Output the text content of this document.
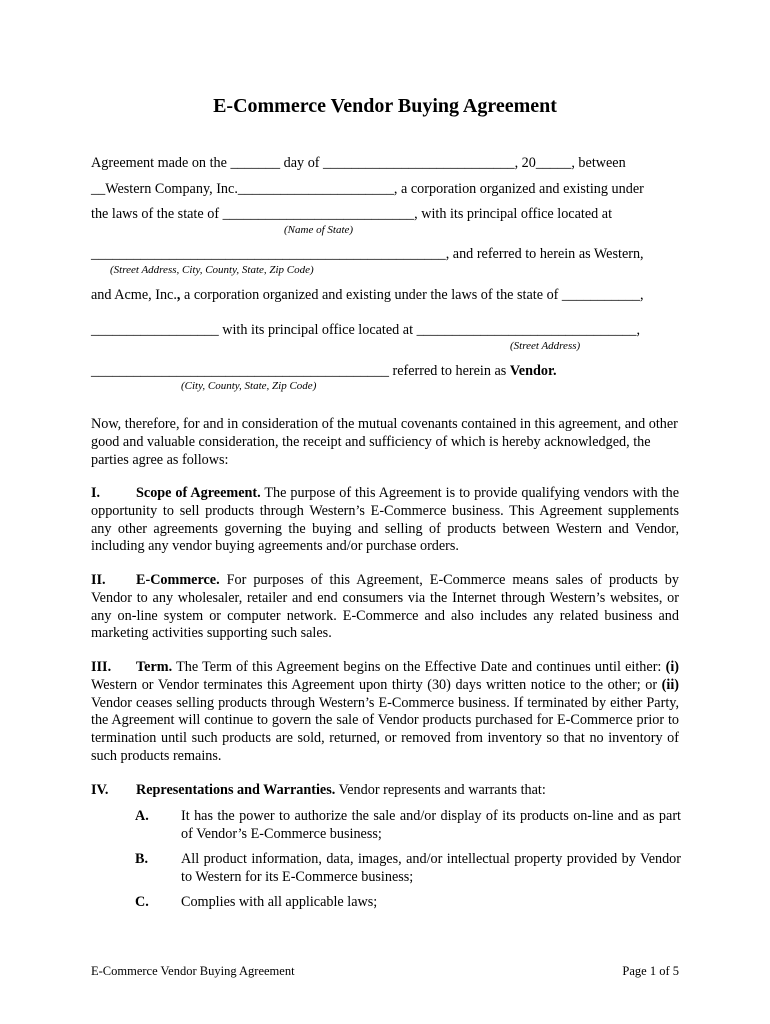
E-Commerce Vendor Buying Agreement
Agreement made on the _______ day of ___________________________, 20_____, between
__Western Company, Inc.______________________, a corporation organized and existing under
the laws of the state of ___________________________, with its principal office located at
(Name of State)
__________________________________________________, and referred to herein as Western,
(Street Address, City, County, State, Zip Code)
and Acme, Inc., a corporation organized and existing under the laws of the state of ___________,
__________________ with its principal office located at _______________________________,
(Street Address)
__________________________________________ referred to herein as Vendor.
(City, County, State, Zip Code)
Now, therefore, for and in consideration of the mutual covenants contained in this agreement, and other good and valuable consideration, the receipt and sufficiency of which is hereby acknowledged, the parties agree as follows:
I.	Scope of Agreement. The purpose of this Agreement is to provide qualifying vendors with the opportunity to sell products through Western’s E-Commerce business. This Agreement supplements any other agreements governing the buying and selling of products between Western and Vendor, including any vendor buying agreements and/or purchase orders.
II. E-Commerce. For purposes of this Agreement, E-Commerce means sales of products by Vendor to any wholesaler, retailer and end consumers via the Internet through Western’s websites, or any on-line system or computer network. E-Commerce and also includes any related business and marketing activities supporting such sales.
III. Term. The Term of this Agreement begins on the Effective Date and continues until either: (i) Western or Vendor terminates this Agreement upon thirty (30) days written notice to the other; or (ii) Vendor ceases selling products through Western’s E-Commerce business. If terminated by either Party, the Agreement will continue to govern the sale of Vendor products purchased for E-Commerce prior to termination until such products are sold, returned, or removed from inventory so that no inventory of such products remains.
IV. Representations and Warranties. Vendor represents and warrants that:
A. It has the power to authorize the sale and/or display of its products on-line and as part of Vendor’s E-Commerce business;
B. All product information, data, images, and/or intellectual property provided by Vendor to Western for its E-Commerce business;
C. Complies with all applicable laws;
E-Commerce Vendor Buying Agreement	Page 1 of 5
